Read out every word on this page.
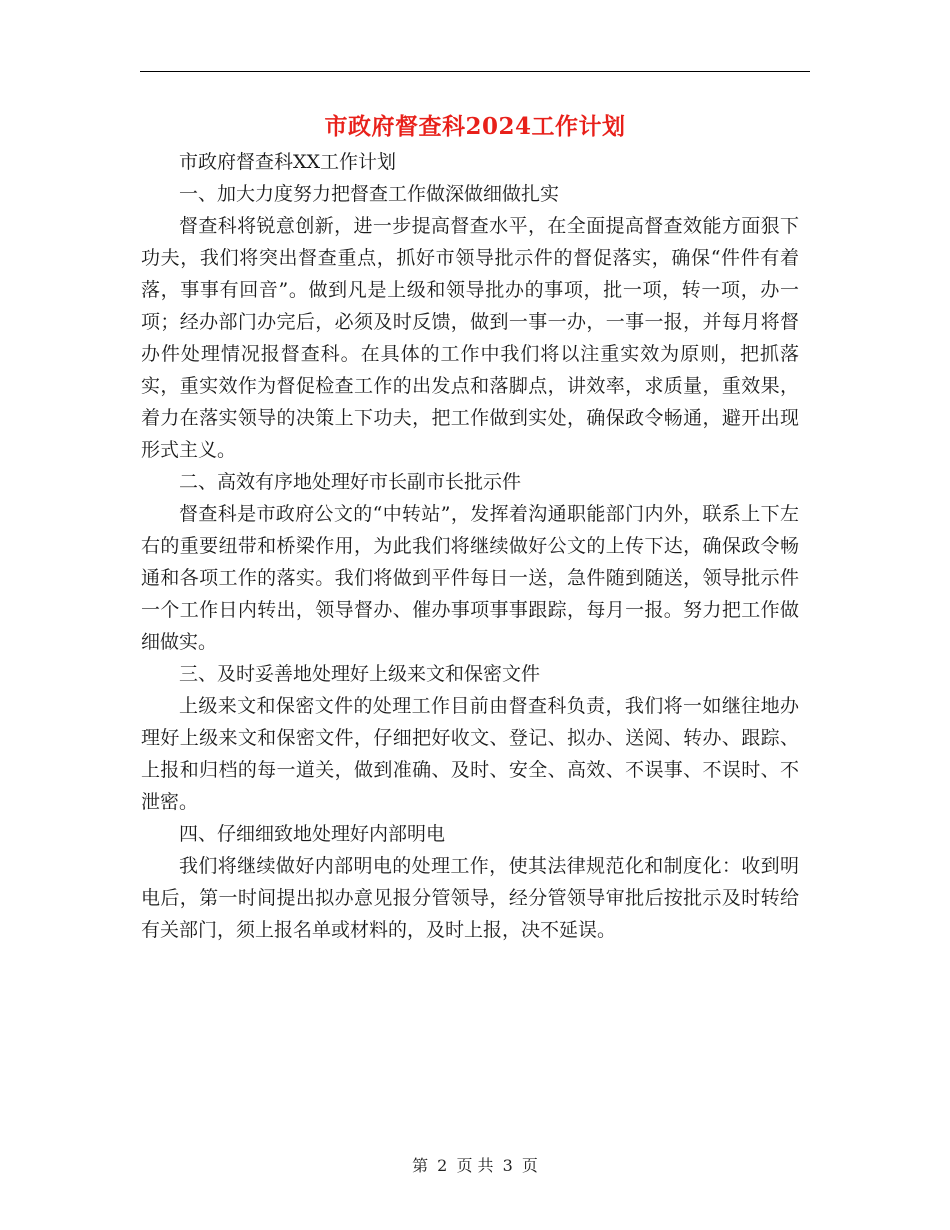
市政府督查科2024工作计划

市政府督查科XX工作计划

一、加大力度努力把督查工作做深做细做扎实

督查科将锐意创新，进一步提高督查水平，在全面提高督查效能方面狠下功夫，我们将突出督查重点，抓好市领导批示件的督促落实，确保“件件有着落，事事有回音”。做到凡是上级和领导批办的事项，批一项，转一项，办一项；经办部门办完后，必须及时反馈，做到一事一办，一事一报，并每月将督办件处理情况报督查科。在具体的工作中我们将以注重实效为原则，把抓落实，重实效作为督促检查工作的出发点和落脚点，讲效率，求质量，重效果，着力在落实领导的决策上下功夫，把工作做到实处，确保政令畅通，避开出现形式主义。

二、高效有序地处理好市长副市长批示件

督查科是市政府公文的“中转站”，发挥着沟通职能部门内外，联系上下左右的重要纽带和桥梁作用，为此我们将继续做好公文的上传下达，确保政令畅通和各项工作的落实。我们将做到平件每日一送，急件随到随送，领导批示件一个工作日内转出，领导督办、催办事项事事跟踪，每月一报。努力把工作做细做实。

三、及时妥善地处理好上级来文和保密文件

上级来文和保密文件的处理工作目前由督查科负责，我们将一如继往地办理好上级来文和保密文件，仔细把好收文、登记、拟办、送阅、转办、跟踪、上报和归档的每一道关，做到准确、及时、安全、高效、不误事、不误时、不泄密。

四、仔细细致地处理好内部明电

我们将继续做好内部明电的处理工作，使其法律规范化和制度化：收到明电后，第一时间提出拟办意见报分管领导，经分管领导审批后按批示及时转给有关部门，须上报名单或材料的，及时上报，决不延误。

第 2 页 共 3 页
